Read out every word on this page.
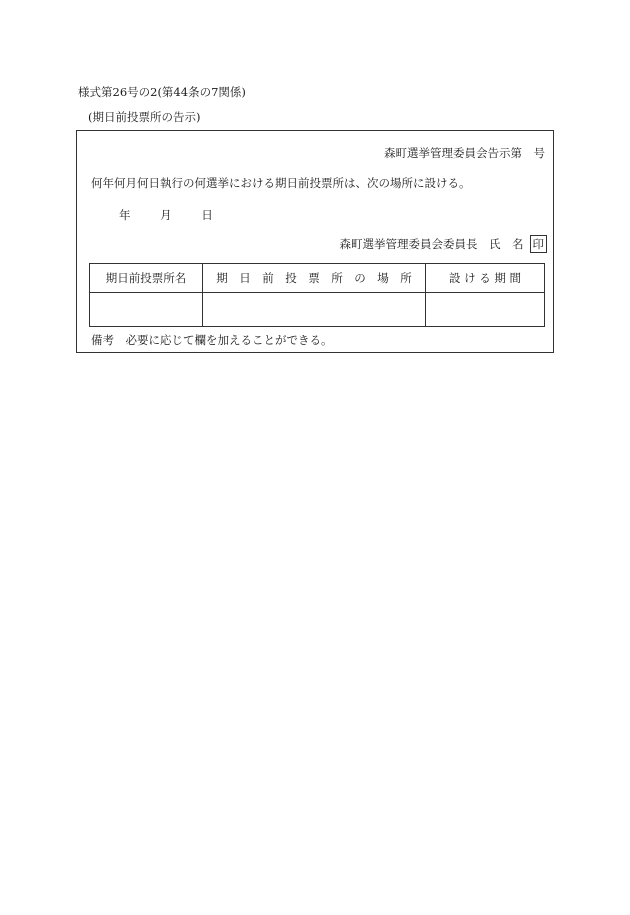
様式第26号の2(第44条の7関係)
(期日前投票所の告示)
森町選挙管理委員会告示第　号
何年何月何日執行の何選挙における期日前投票所は、次の場所に設ける。
年	月	日
森町選挙管理委員会委員長　氏　名 印
期日前投票所名	期　日　前　投　票　所　の　場　所	設 け る 期 間

備考　必要に応じて欄を加えることができる。
